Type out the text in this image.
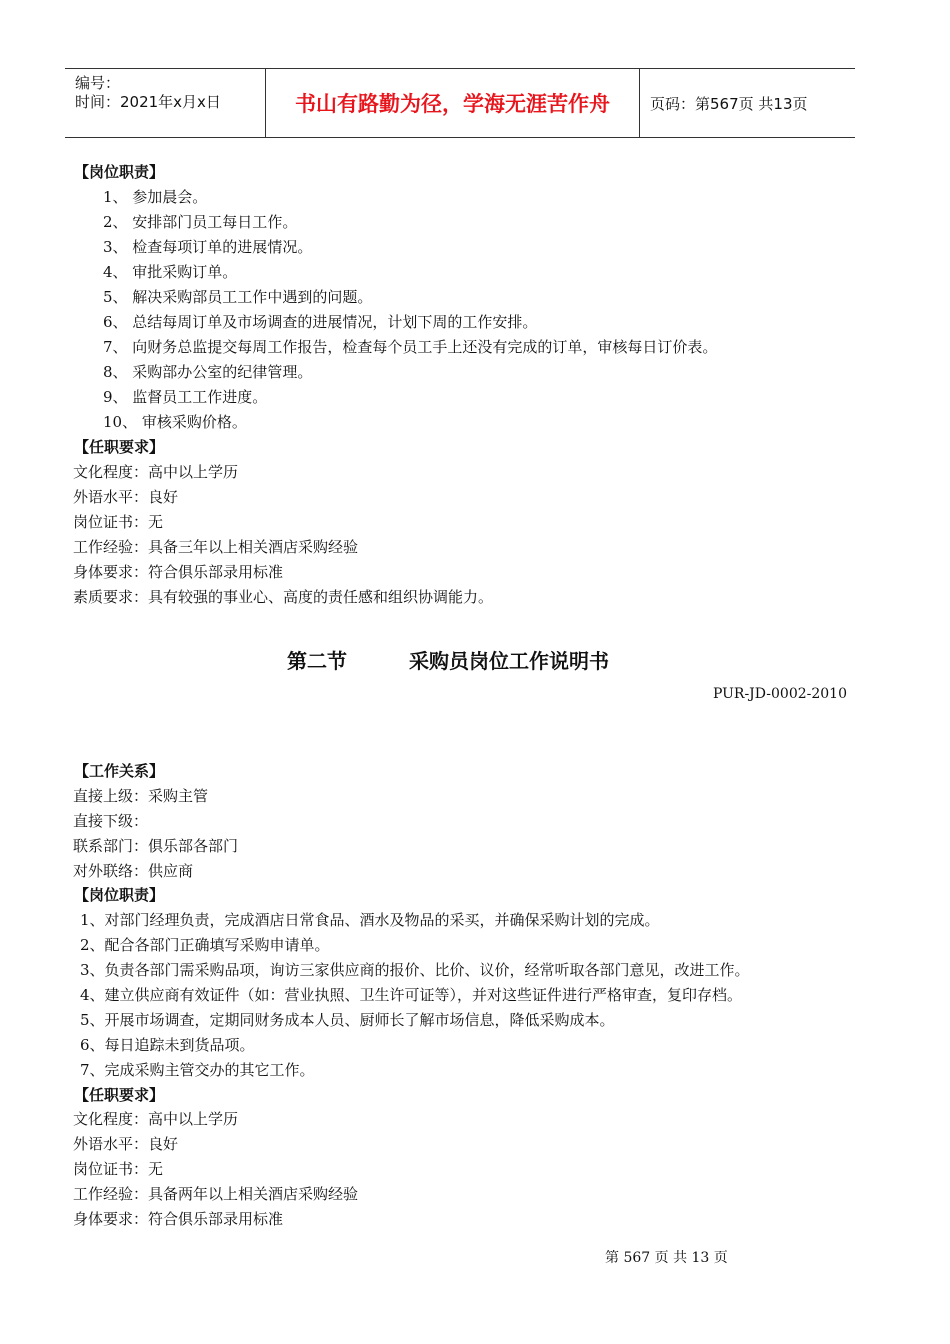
编号：
时间：2021年x月x日	书山有路勤为径，学海无涯苦作舟	页码：第567页 共13页
【岗位职责】
1、 参加晨会。
2、 安排部门员工每日工作。
3、 检查每项订单的进展情况。
4、 审批采购订单。
5、 解决采购部员工工作中遇到的问题。
6、 总结每周订单及市场调查的进展情况，计划下周的工作安排。
7、 向财务总监提交每周工作报告，检查每个员工手上还没有完成的订单，审核每日订价表。
8、 采购部办公室的纪律管理。
9、 监督员工工作进度。
10、 审核采购价格。
【任职要求】
文化程度：高中以上学历
外语水平：良好
岗位证书：无
工作经验：具备三年以上相关酒店采购经验
身体要求：符合俱乐部录用标准
素质要求：具有较强的事业心、高度的责任感和组织协调能力。
第二节	采购员岗位工作说明书
PUR-JD-0002-2010
【工作关系】
直接上级：采购主管
直接下级：
联系部门：俱乐部各部门
对外联络：供应商
【岗位职责】
1、对部门经理负责，完成酒店日常食品、酒水及物品的采买，并确保采购计划的完成。
2、配合各部门正确填写采购申请单。
3、负责各部门需采购品项，询访三家供应商的报价、比价、议价，经常听取各部门意见，改进工作。
4、建立供应商有效证件（如：营业执照、卫生许可证等），并对这些证件进行严格审查，复印存档。
5、开展市场调查，定期同财务成本人员、厨师长了解市场信息，降低采购成本。
6、每日追踪未到货品项。
7、完成采购主管交办的其它工作。
【任职要求】
文化程度：高中以上学历
外语水平：良好
岗位证书：无
工作经验：具备两年以上相关酒店采购经验
身体要求：符合俱乐部录用标准
第 567 页 共 13 页
